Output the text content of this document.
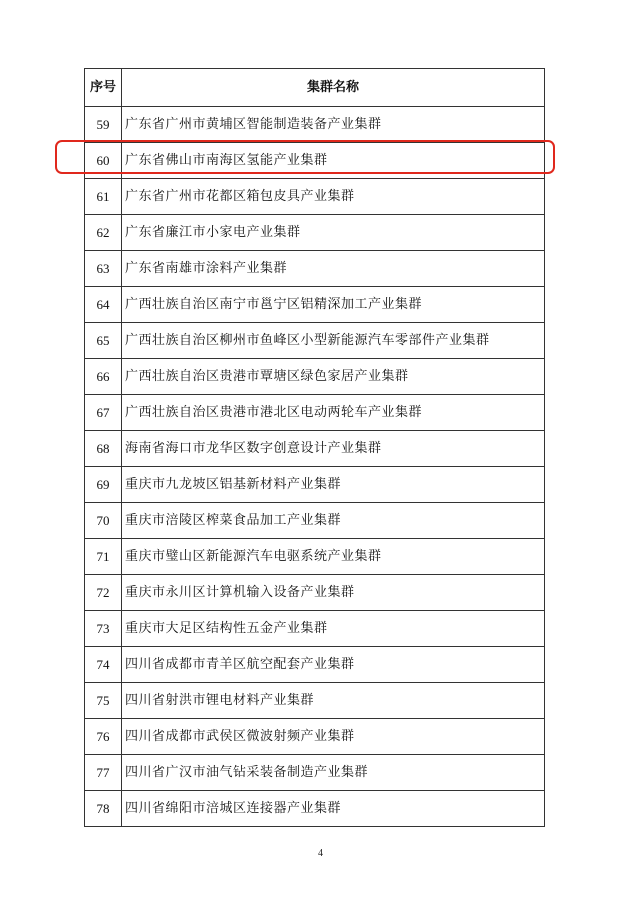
序号	集群名称
59	广东省广州市黄埔区智能制造装备产业集群
60	广东省佛山市南海区氢能产业集群
61	广东省广州市花都区箱包皮具产业集群
62	广东省廉江市小家电产业集群
63	广东省南雄市涂料产业集群
64	广西壮族自治区南宁市邕宁区铝精深加工产业集群
65	广西壮族自治区柳州市鱼峰区小型新能源汽车零部件产业集群
66	广西壮族自治区贵港市覃塘区绿色家居产业集群
67	广西壮族自治区贵港市港北区电动两轮车产业集群
68	海南省海口市龙华区数字创意设计产业集群
69	重庆市九龙坡区铝基新材料产业集群
70	重庆市涪陵区榨菜食品加工产业集群
71	重庆市璧山区新能源汽车电驱系统产业集群
72	重庆市永川区计算机输入设备产业集群
73	重庆市大足区结构性五金产业集群
74	四川省成都市青羊区航空配套产业集群
75	四川省射洪市锂电材料产业集群
76	四川省成都市武侯区微波射频产业集群
77	四川省广汉市油气钻采装备制造产业集群
78	四川省绵阳市涪城区连接器产业集群
4
